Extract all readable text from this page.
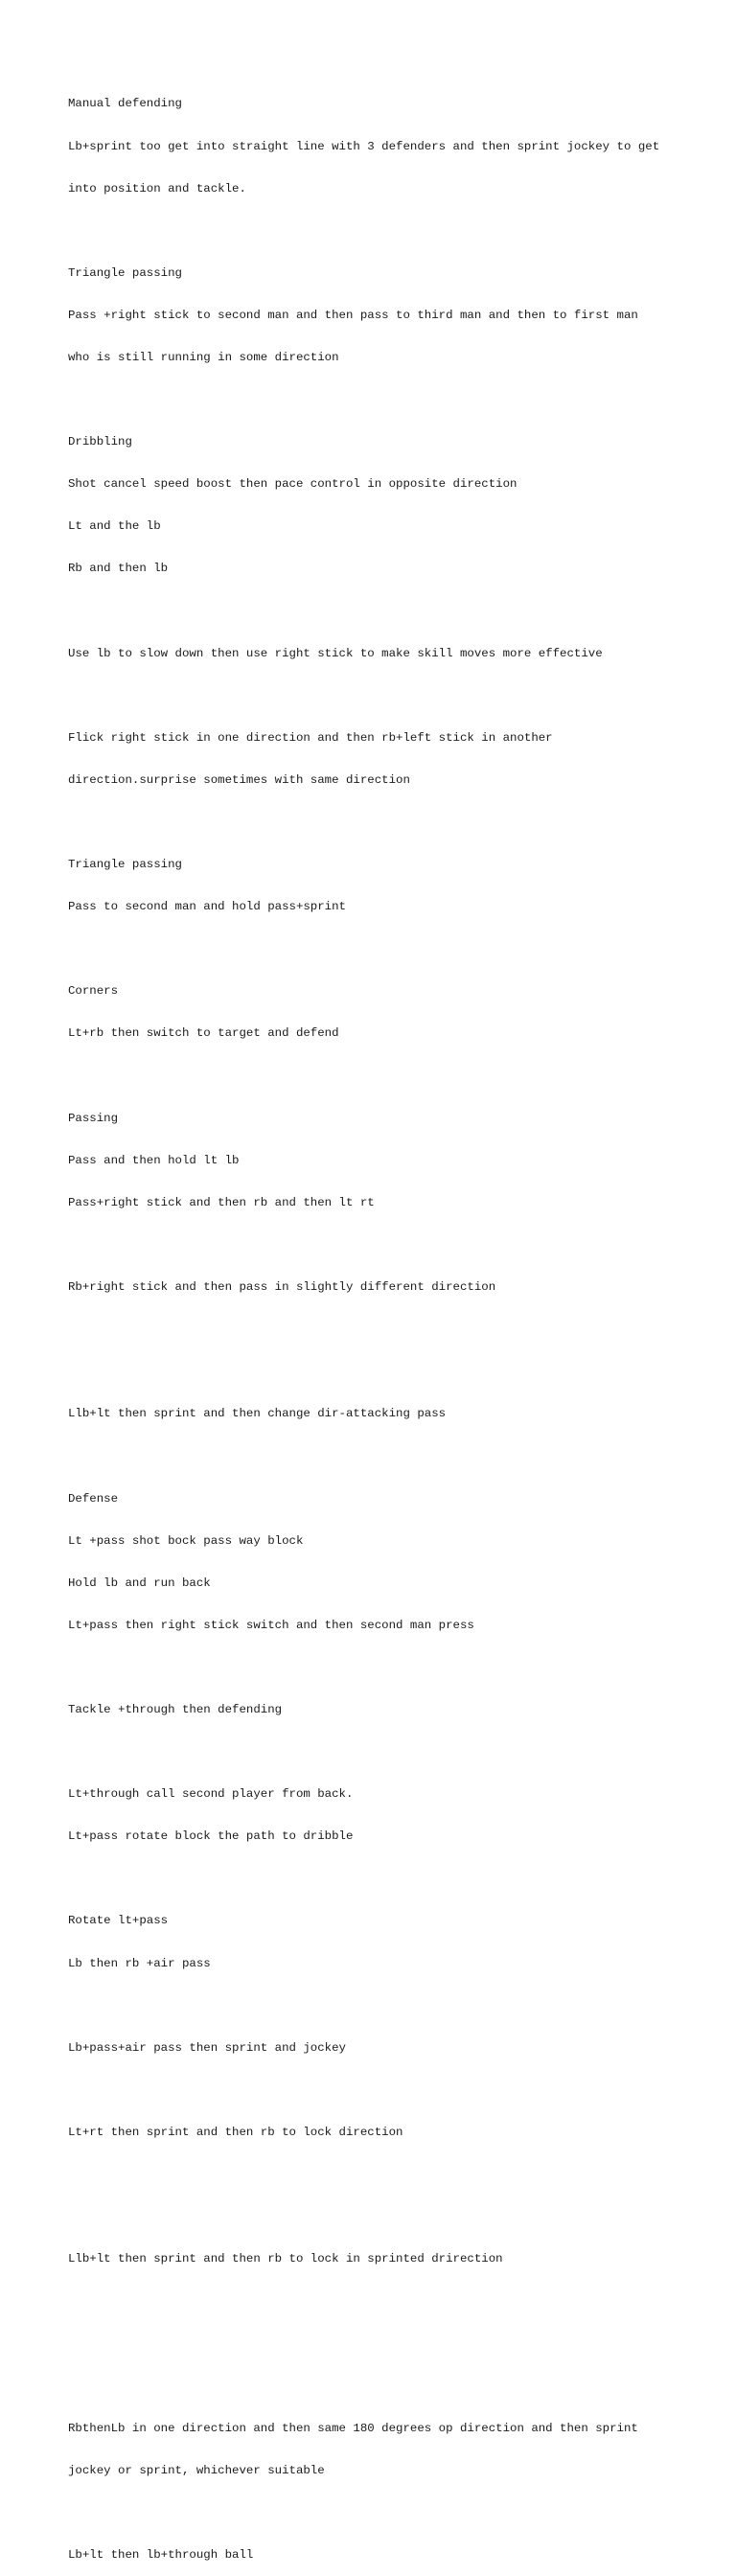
Manual defending

Lb+sprint too get into straight line with 3 defenders and then sprint jockey to get

into position and tackle.

Triangle passing

Pass +right stick to second man and then pass to third man and then to first man

who is still running in some direction

Dribbling

Shot cancel speed boost then pace control in opposite direction

Lt and the lb

Rb and then lb

Use lb to slow down then use right stick to make skill moves more effective

Flick right stick in one direction and then rb+left stick in another

direction.surprise sometimes with same direction

Triangle passing

Pass to second man and hold pass+sprint

Corners

Lt+rb then switch to target and defend

Passing

Pass and then hold lt lb

Pass+right stick and then rb and then lt rt

Rb+right stick and then pass in slightly different direction

Llb+lt then sprint and then change dir-attacking pass

Defense

Lt +pass shot bock pass way block

Hold lb and run back

Lt+pass then right stick switch and then second man press

Tackle +through then defending

Lt+through call second player from back.

Lt+pass rotate block the path to dribble

Rotate lt+pass

Lb then rb +air pass

Lb+pass+air pass then sprint and jockey

Lt+rt then sprint and then rb to lock direction

Llb+lt then sprint and then rb to lock in sprinted drirection

RbthenLb in one direction and then same 180 degrees op direction and then sprint

jockey or sprint, whichever suitable

Lb+lt then lb+through ball
